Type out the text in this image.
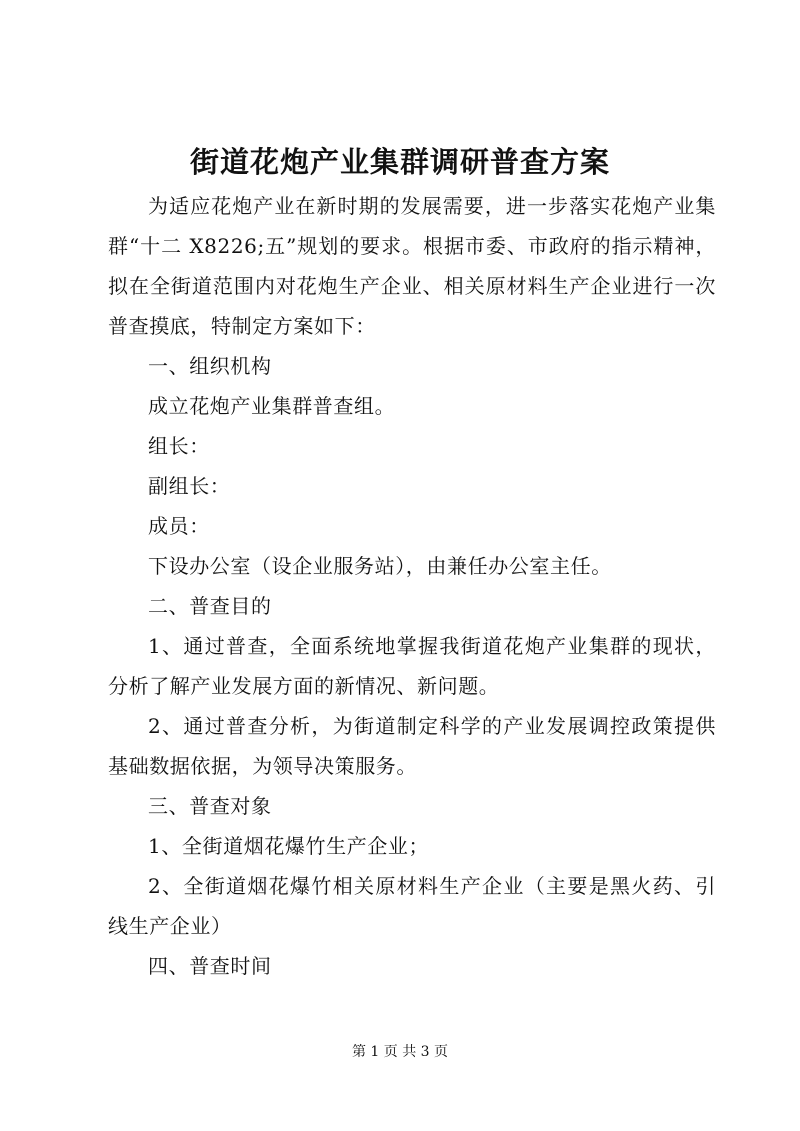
街道花炮产业集群调研普查方案

为适应花炮产业在新时期的发展需要，进一步落实花炮产业集群“十二 X8226;五”规划的要求。根据市委、市政府的指示精神，拟在全街道范围内对花炮生产企业、相关原材料生产企业进行一次普查摸底，特制定方案如下：

一、组织机构

成立花炮产业集群普查组。

组长：

副组长：

成员：

下设办公室（设企业服务站），由兼任办公室主任。

二、普查目的

1、通过普查，全面系统地掌握我街道花炮产业集群的现状，分析了解产业发展方面的新情况、新问题。

2、通过普查分析，为街道制定科学的产业发展调控政策提供基础数据依据，为领导决策服务。

三、普查对象

1、全街道烟花爆竹生产企业；

2、全街道烟花爆竹相关原材料生产企业（主要是黑火药、引线生产企业）

四、普查时间

第 1 页 共 3 页
